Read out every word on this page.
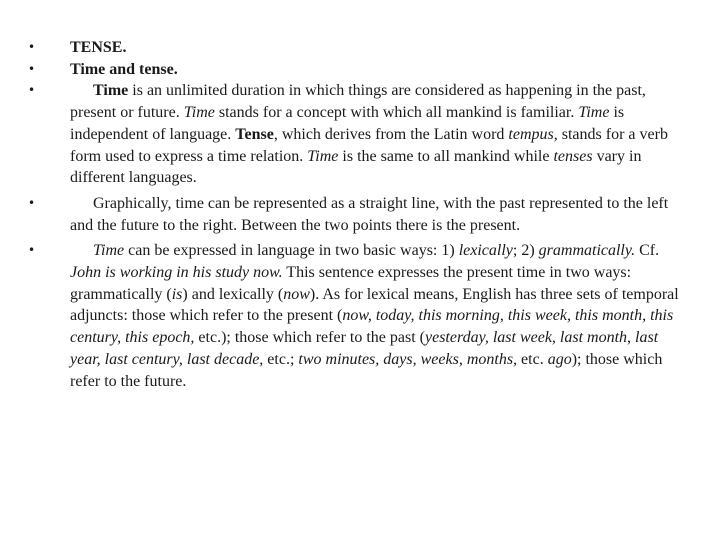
•	TENSE.
•	Time and tense.
•	Time is an unlimited duration in which things are considered as happening in the past, present or future. Time stands for a concept with which all mankind is familiar. Time is independent of language. Tense, which derives from the Latin word tempus, stands for a verb form used to express a time relation. Time is the same to all mankind while tenses vary in different languages.
•	Graphically, time can be represented as a straight line, with the past represented to the left and the future to the right. Between the two points there is the present.
•	Time can be expressed in language in two basic ways: 1) lexically; 2) grammatically. Cf. John is working in his study now. This sentence expresses the present time in two ways: grammatically (is) and lexically (now). As for lexical means, English has three sets of temporal adjuncts: those which refer to the present (now, today, this morning, this week, this month, this century, this epoch, etc.); those which refer to the past (yesterday, last week, last month, last year, last century, last decade, etc.; two minutes, days, weeks, months, etc. ago); those which refer to the future.
